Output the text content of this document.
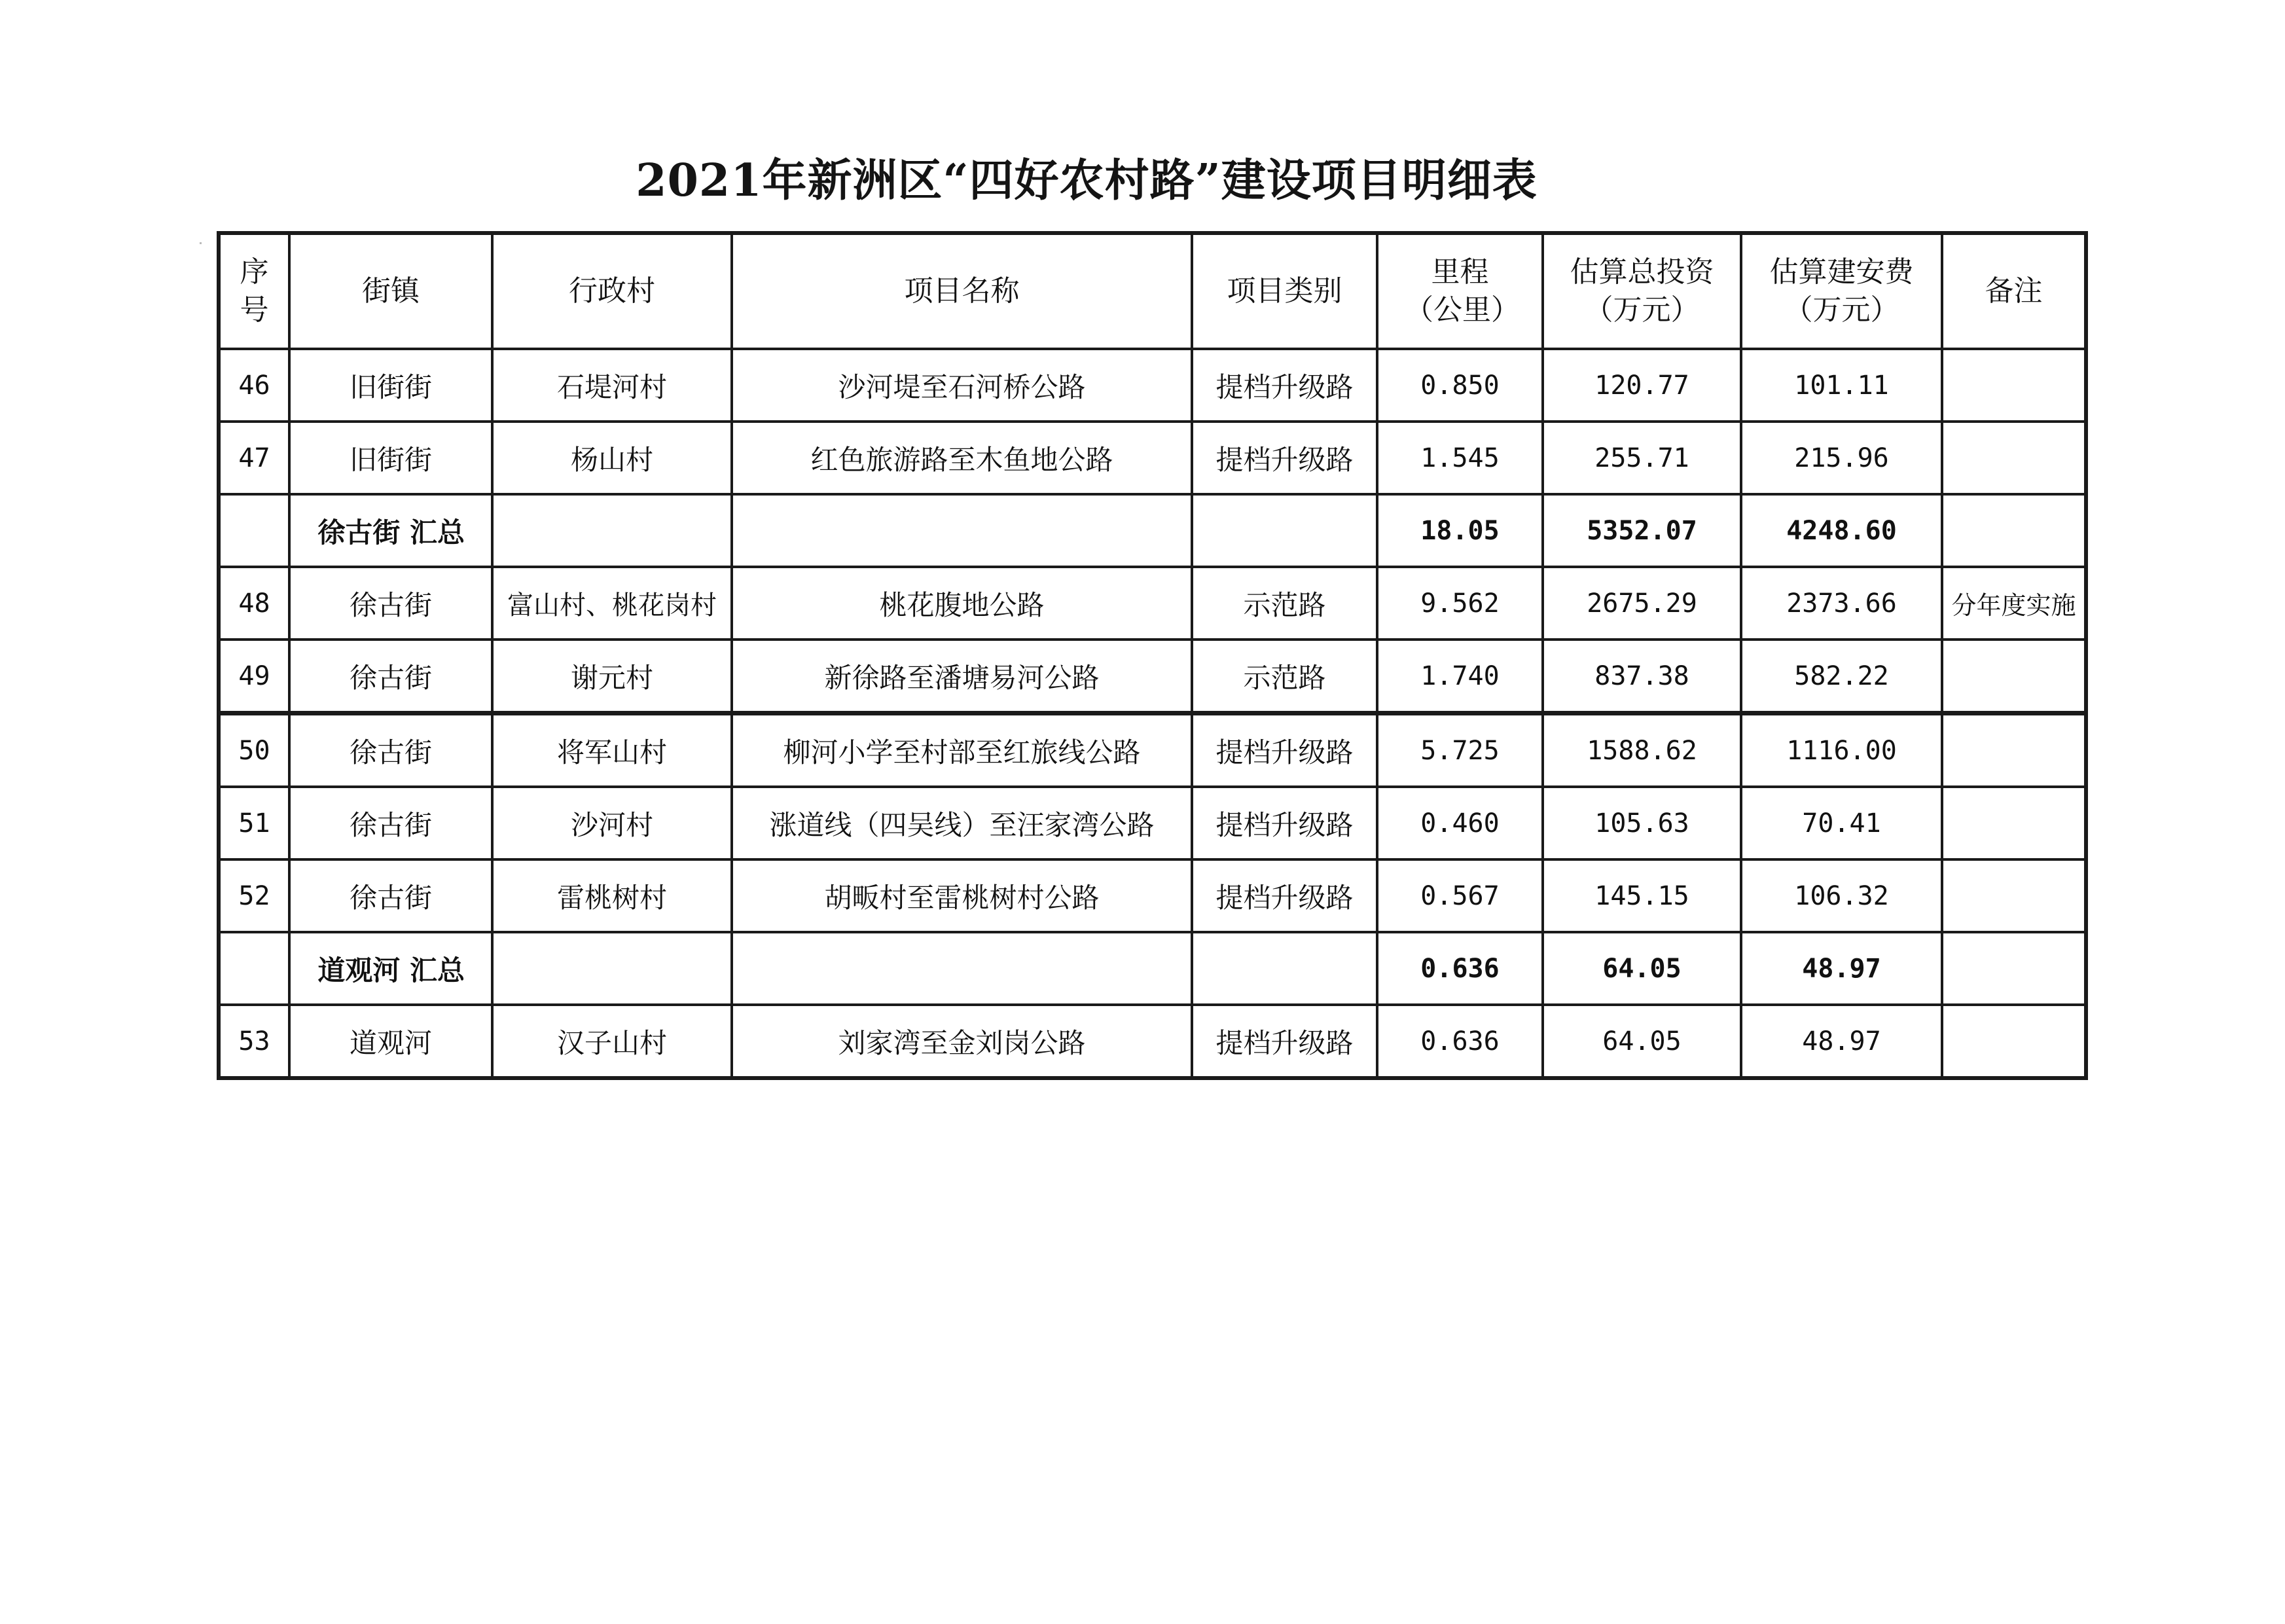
2021年新洲区“四好农村路”建设项目明细表
序号	街镇	行政村	项目名称	项目类别	里程（公里）	估算总投资（万元）	估算建安费（万元）	备注
46	旧街街	石堤河村	沙河堤至石河桥公路	提档升级路	0.850	120.77	101.11	
47	旧街街	杨山村	红色旅游路至木鱼地公路	提档升级路	1.545	255.71	215.96	
	徐古街 汇总				18.05	5352.07	4248.60	
48	徐古街	富山村、桃花岗村	桃花腹地公路	示范路	9.562	2675.29	2373.66	分年度实施
49	徐古街	谢元村	新徐路至潘塘易河公路	示范路	1.740	837.38	582.22	
50	徐古街	将军山村	柳河小学至村部至红旅线公路	提档升级路	5.725	1588.62	1116.00	
51	徐古街	沙河村	涨道线（四吴线）至汪家湾公路	提档升级路	0.460	105.63	70.41	
52	徐古街	雷桃树村	胡畈村至雷桃树村公路	提档升级路	0.567	145.15	106.32	
	道观河 汇总				0.636	64.05	48.97	
53	道观河	汉子山村	刘家湾至金刘岗公路	提档升级路	0.636	64.05	48.97	
